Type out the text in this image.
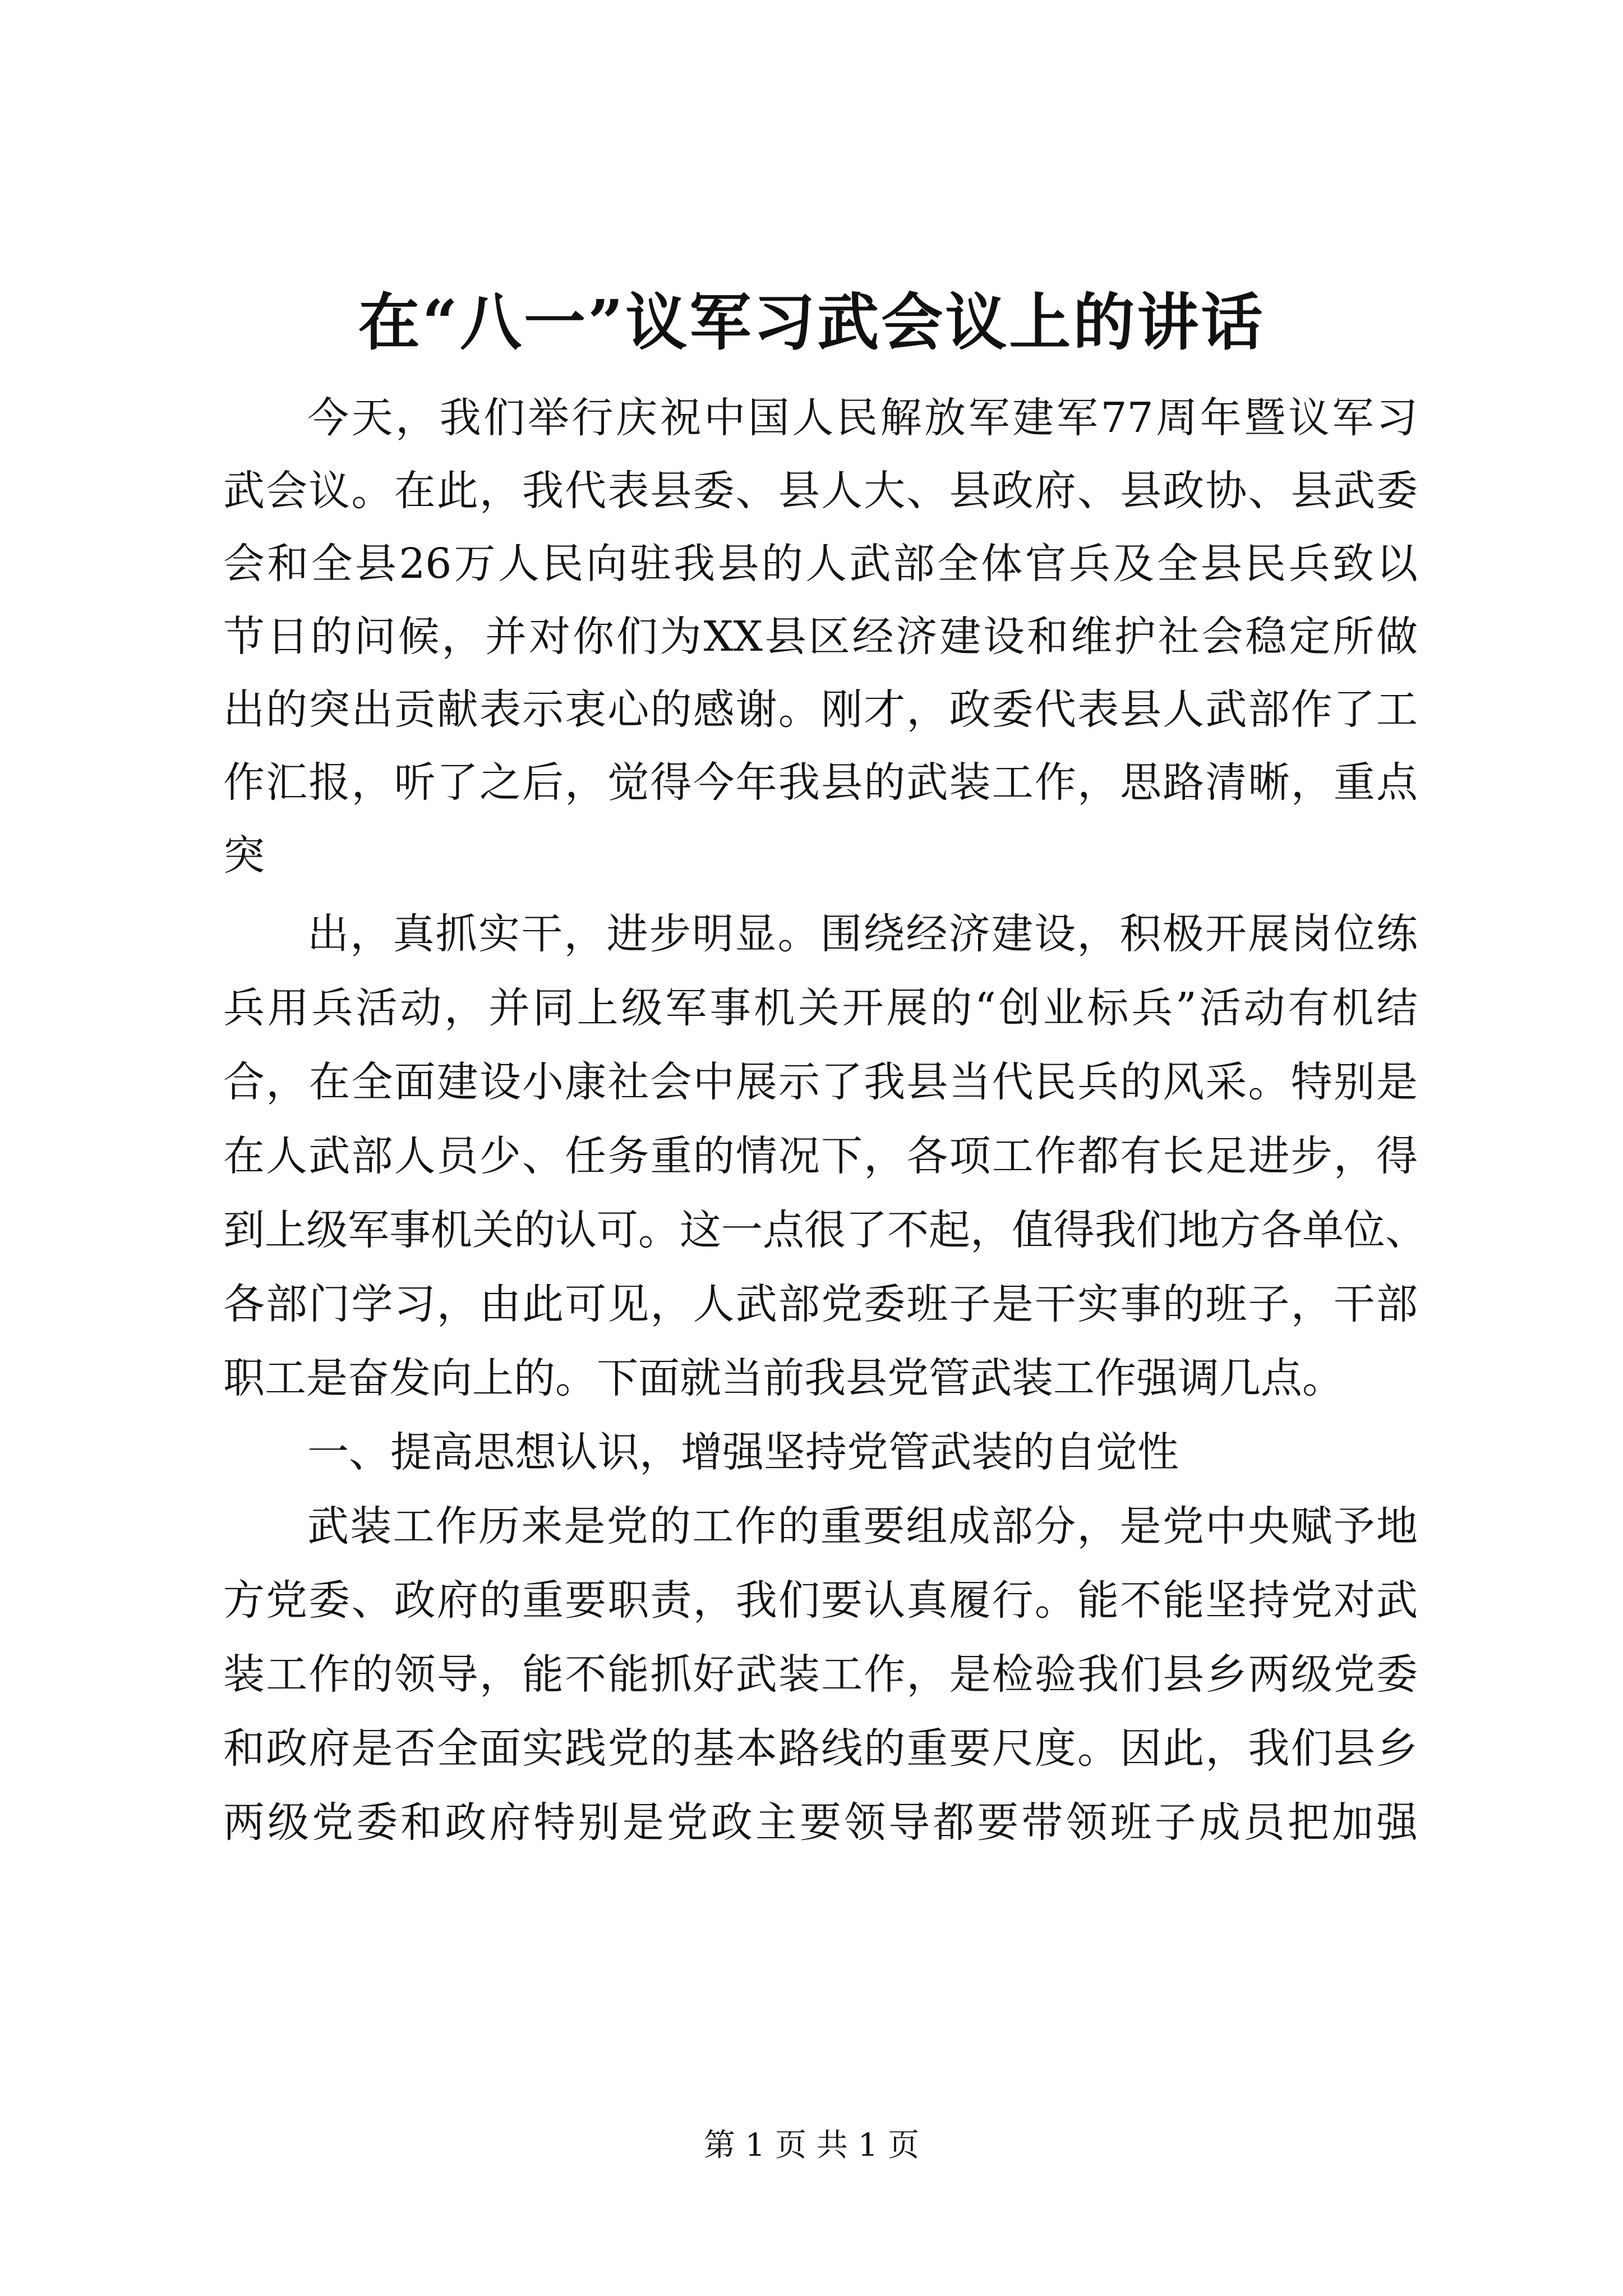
在“八一”议军习武会议上的讲话

今天，我们举行庆祝中国人民解放军建军77周年暨议军习

武会议。在此，我代表县委、县人大、县政府、县政协、县武委

会和全县26万人民向驻我县的人武部全体官兵及全县民兵致以

节日的问候，并对你们为XX县区经济建设和维护社会稳定所做

出的突出贡献表示衷心的感谢。刚才，政委代表县人武部作了工

作汇报，听了之后，觉得今年我县的武装工作，思路清晰，重点

突

出，真抓实干，进步明显。围绕经济建设，积极开展岗位练

兵用兵活动，并同上级军事机关开展的“创业标兵”活动有机结

合，在全面建设小康社会中展示了我县当代民兵的风采。特别是

在人武部人员少、任务重的情况下，各项工作都有长足进步，得

到上级军事机关的认可。这一点很了不起，值得我们地方各单位、

各部门学习，由此可见，人武部党委班子是干实事的班子，干部

职工是奋发向上的。下面就当前我县党管武装工作强调几点。

一、提高思想认识，增强坚持党管武装的自觉性

武装工作历来是党的工作的重要组成部分，是党中央赋予地

方党委、政府的重要职责，我们要认真履行。能不能坚持党对武

装工作的领导，能不能抓好武装工作，是检验我们县乡两级党委

和政府是否全面实践党的基本路线的重要尺度。因此，我们县乡

两级党委和政府特别是党政主要领导都要带领班子成员把加强

第 1 页 共 1 页
